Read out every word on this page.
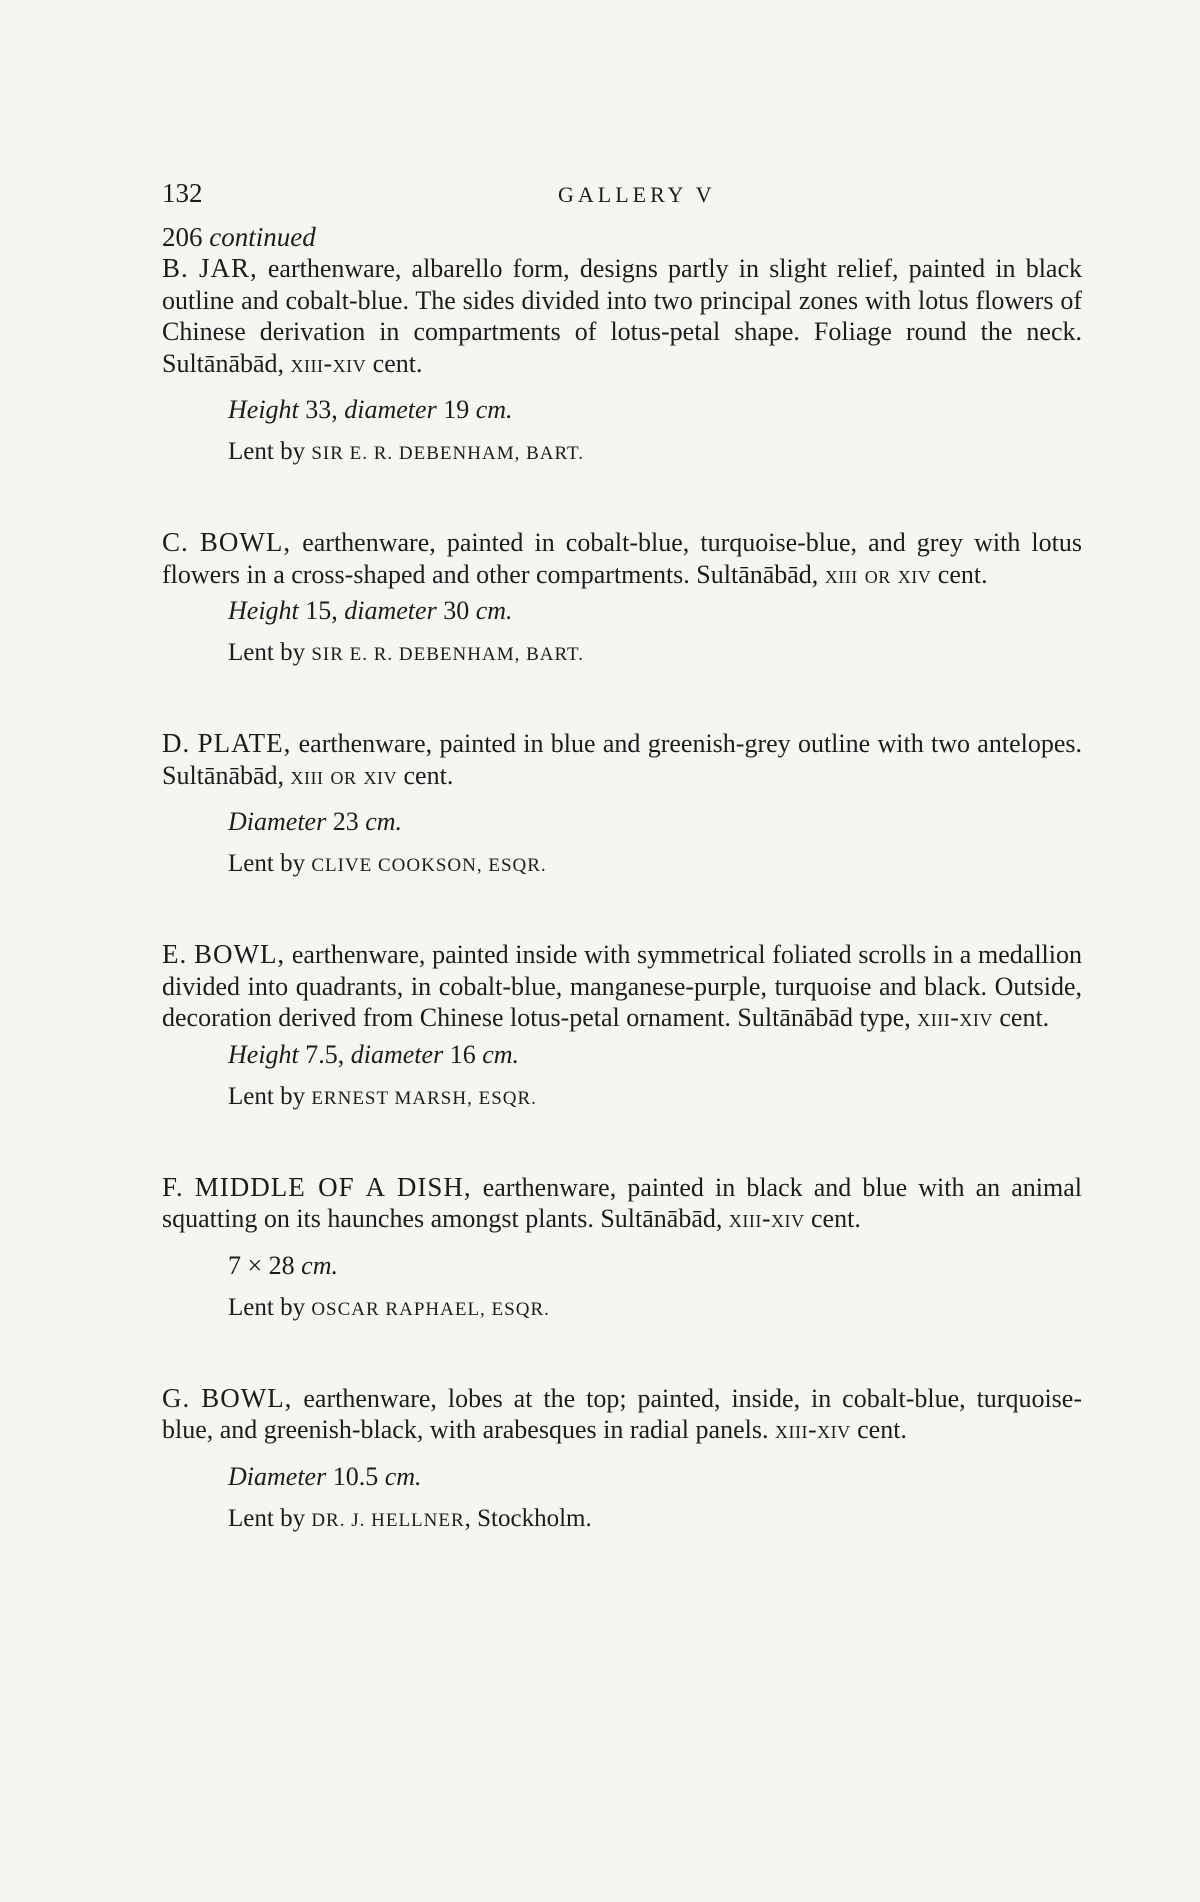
132	GALLERY V
206 continued
B. JAR, earthenware, albarello form, designs partly in slight relief, painted in black outline and cobalt-blue. The sides divided into two principal zones with lotus flowers of Chinese derivation in compartments of lotus-petal shape. Foliage round the neck. Sultānābād, xiii-xiv cent.
Height 33, diameter 19 cm.
Lent by SIR E. R. DEBENHAM, BART.
C. BOWL, earthenware, painted in cobalt-blue, turquoise-blue, and grey with lotus flowers in a cross-shaped and other compartments. Sultānābād, xiii or xiv cent.
Height 15, diameter 30 cm.
Lent by SIR E. R. DEBENHAM, BART.
D. PLATE, earthenware, painted in blue and greenish-grey outline with two antelopes. Sultānābād, xiii or xiv cent.
Diameter 23 cm.
Lent by CLIVE COOKSON, ESQR.
E. BOWL, earthenware, painted inside with symmetrical foliated scrolls in a medallion divided into quadrants, in cobalt-blue, manganese-purple, turquoise and black. Outside, decoration derived from Chinese lotus-petal ornament. Sultānābād type, xiii-xiv cent.
Height 7.5, diameter 16 cm.
Lent by ERNEST MARSH, ESQR.
F. MIDDLE OF A DISH, earthenware, painted in black and blue with an animal squatting on its haunches amongst plants. Sultānābād, xiii-xiv cent.
7 × 28 cm.
Lent by OSCAR RAPHAEL, ESQR.
G. BOWL, earthenware, lobes at the top; painted, inside, in cobalt-blue, turquoise-blue, and greenish-black, with arabesques in radial panels. xiii-xiv cent.
Diameter 10.5 cm.
Lent by DR. J. HELLNER, Stockholm.
